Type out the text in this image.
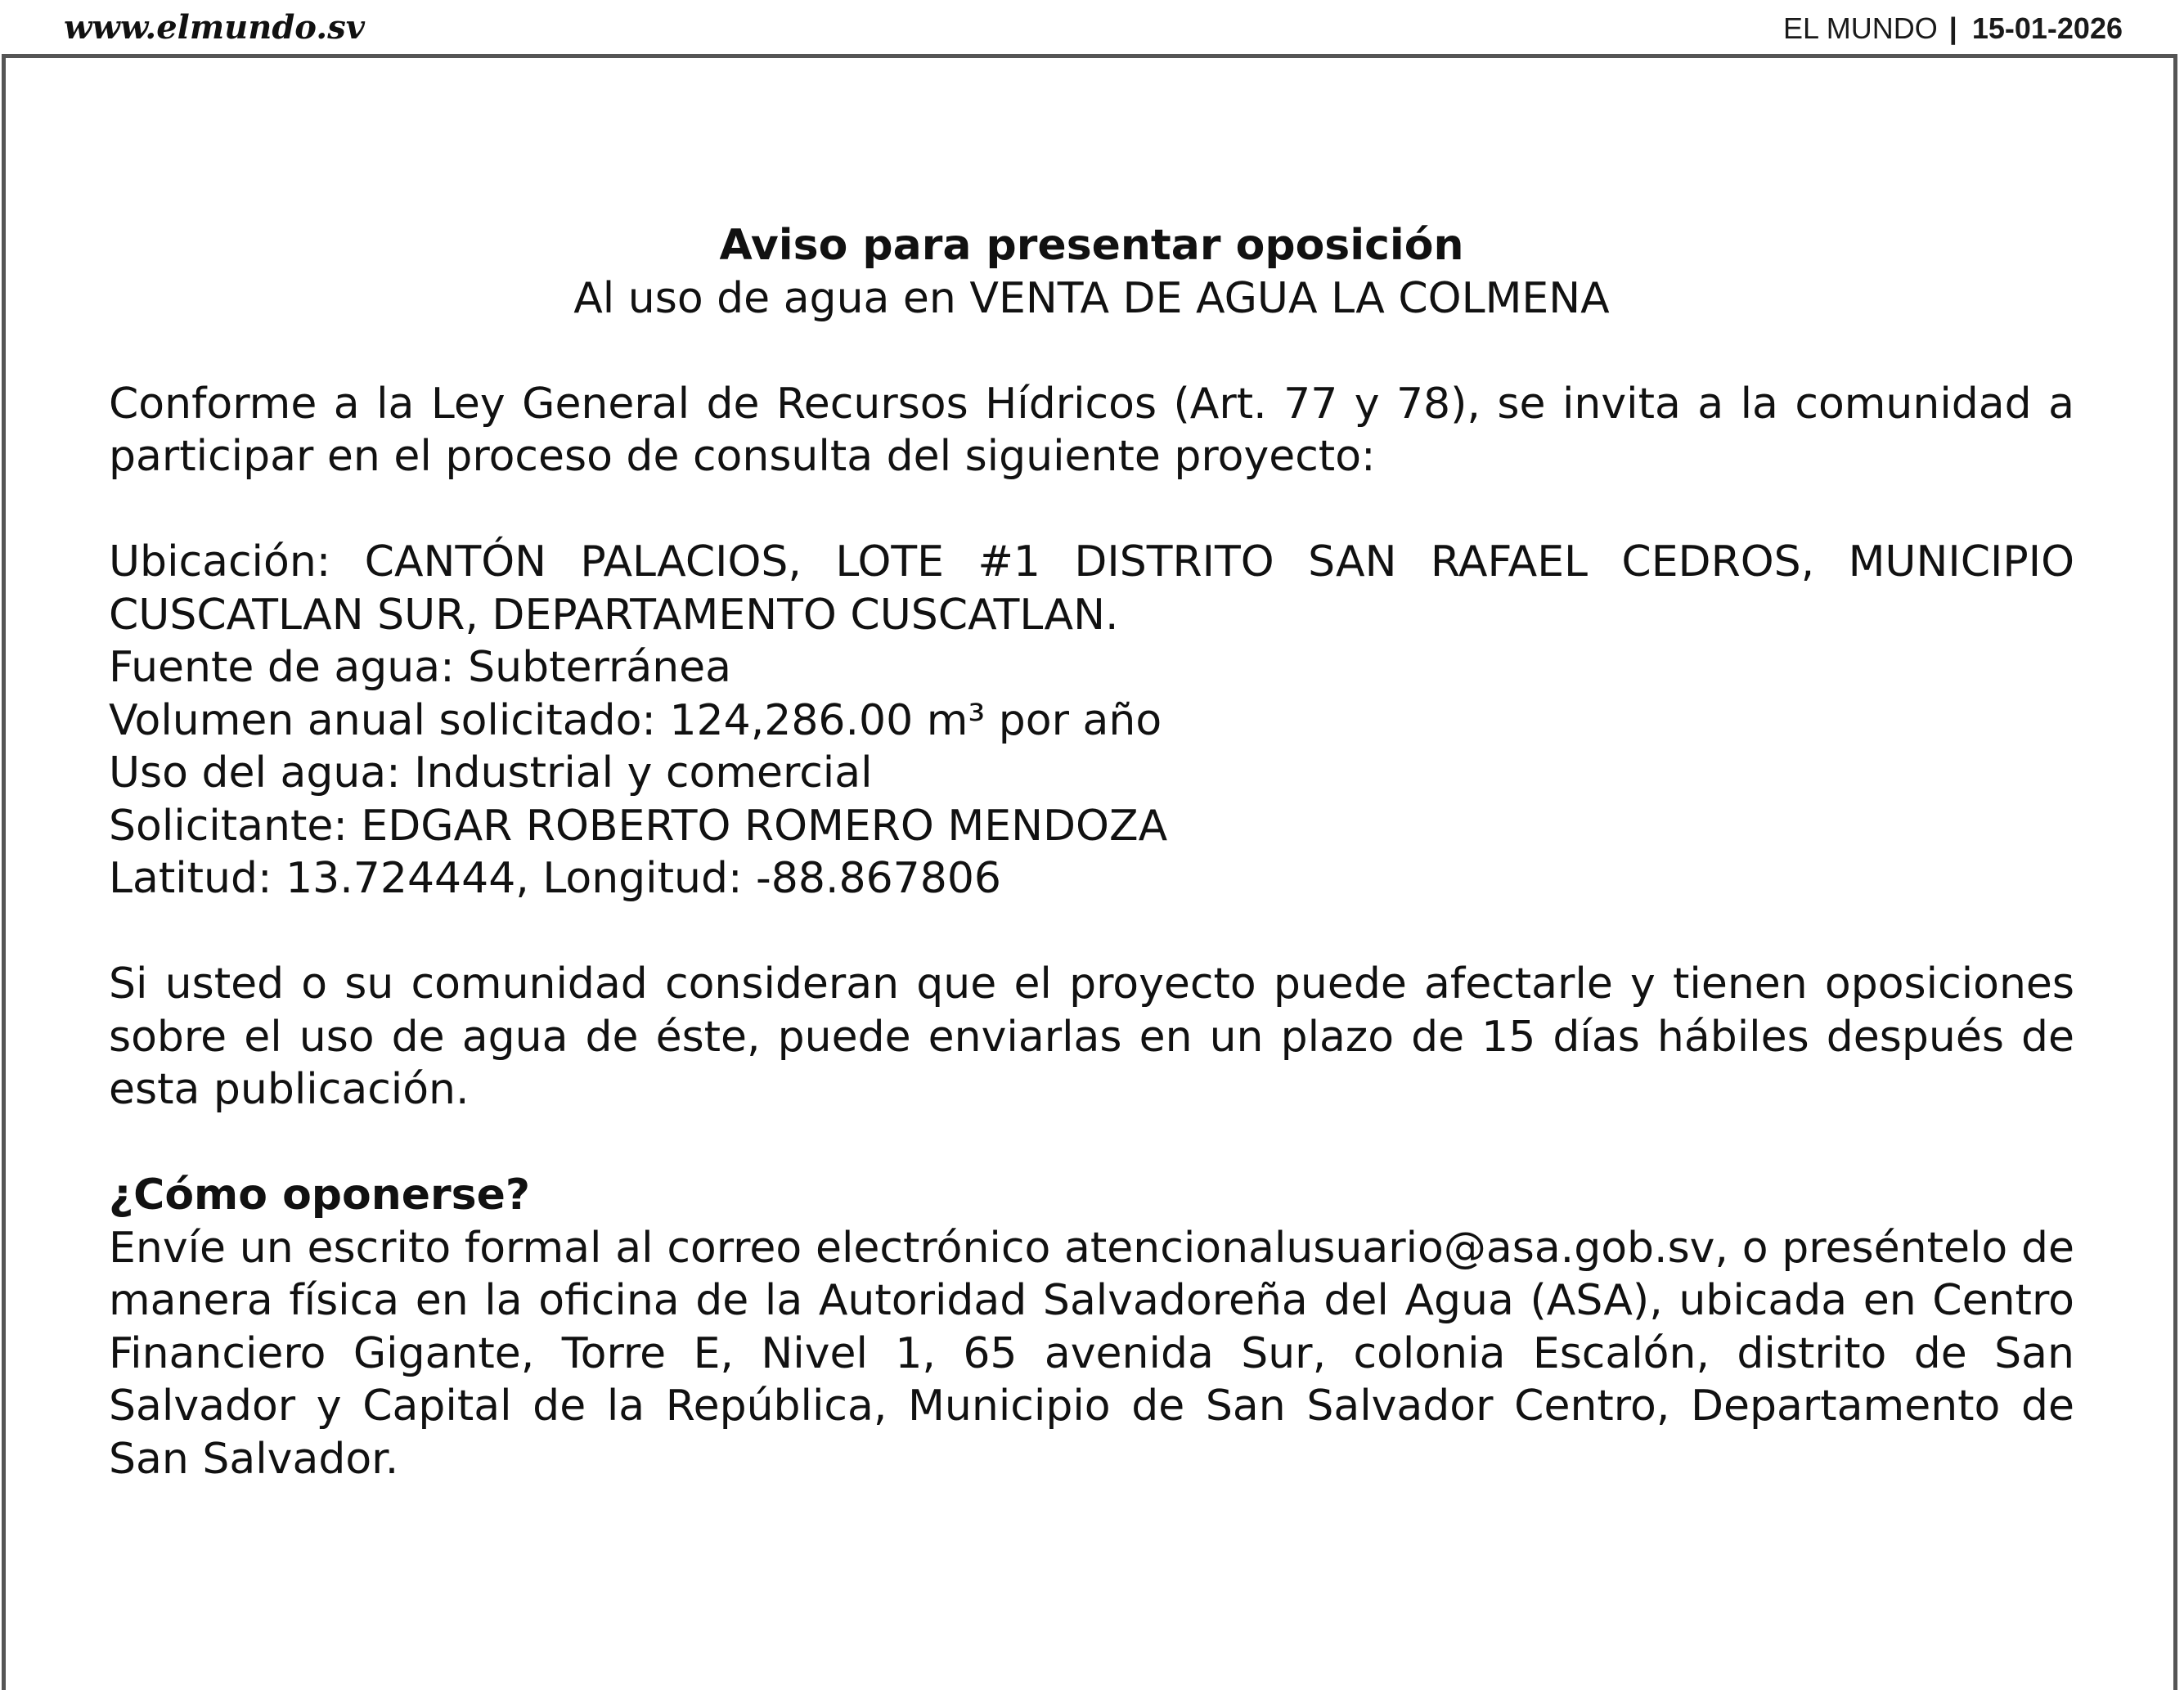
www.elmundo.sv	EL MUNDO | 15-01-2026

Aviso para presentar oposición

Al uso de agua en VENTA DE AGUA LA COLMENA

Conforme a la Ley General de Recursos Hídricos (Art. 77 y 78), se invita a la comunidad a participar en el proceso de consulta del siguiente proyecto:

Ubicación: CANTÓN PALACIOS, LOTE #1 DISTRITO SAN RAFAEL CEDROS, MUNICIPIO CUSCATLAN SUR, DEPARTAMENTO CUSCATLAN.

Fuente de agua: Subterránea

Volumen anual solicitado: 124,286.00 m³ por año

Uso del agua: Industrial y comercial

Solicitante: EDGAR ROBERTO ROMERO MENDOZA

Latitud: 13.724444, Longitud: -88.867806

Si usted o su comunidad consideran que el proyecto puede afectarle y tienen oposiciones sobre el uso de agua de éste, puede enviarlas en un plazo de 15 días hábiles después de esta publicación.

¿Cómo oponerse?

Envíe un escrito formal al correo electrónico atencionalusuario@asa.gob.sv, o preséntelo de manera física en la oficina de la Autoridad Salvadoreña del Agua (ASA), ubicada en Centro Financiero Gigante, Torre E, Nivel 1, 65 avenida Sur, colonia Escalón, distrito de San Salvador y Capital de la República, Municipio de San Salvador Centro, Departamento de San Salvador.
